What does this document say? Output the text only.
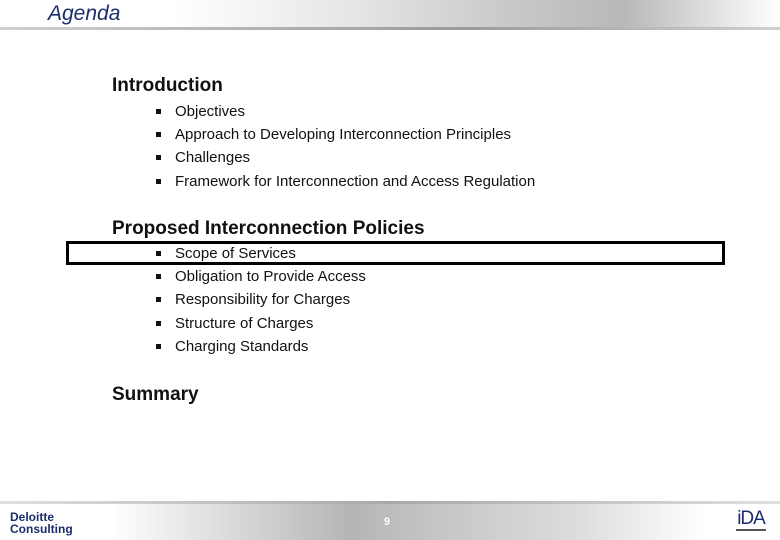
Agenda
Introduction
Objectives
Approach to Developing Interconnection Principles
Challenges
Framework for Interconnection and Access Regulation
Proposed Interconnection Policies
Scope of Services
Obligation to Provide Access
Responsibility for Charges
Structure of Charges
Charging Standards
Summary
Deloitte
Consulting	9	iDA
